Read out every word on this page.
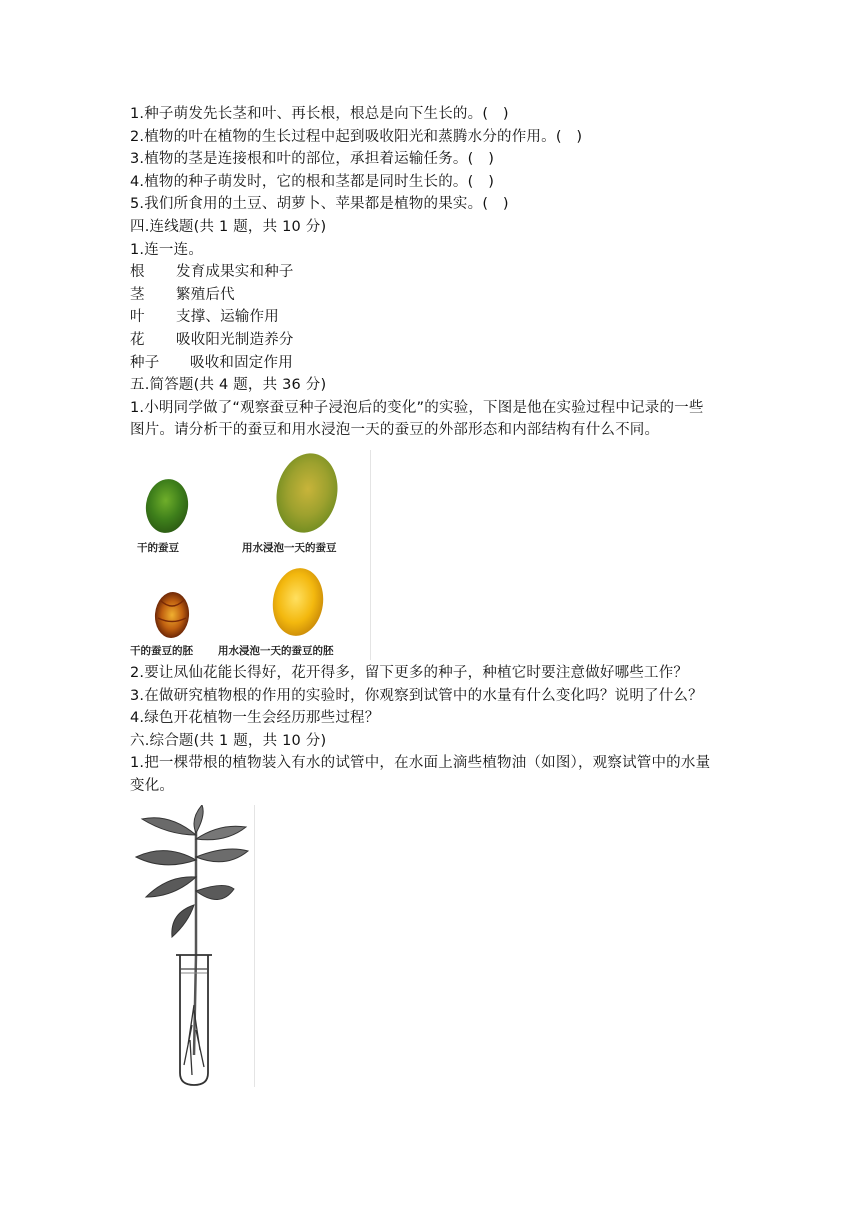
1.种子萌发先长茎和叶、再长根，根总是向下生长的。(　)
2.植物的叶在植物的生长过程中起到吸收阳光和蒸腾水分的作用。(　)
3.植物的茎是连接根和叶的部位，承担着运输任务。(　)
4.植物的种子萌发时，它的根和茎都是同时生长的。(　)
5.我们所食用的土豆、胡萝卜、苹果都是植物的果实。(　)
四.连线题(共 1 题，共 10 分)
1.连一连。
根	发育成果实和种子
茎	繁殖后代
叶	支撑、运输作用
花	吸收阳光制造养分
种子	吸收和固定作用
五.简答题(共 4 题，共 36 分)
1.小明同学做了“观察蚕豆种子浸泡后的变化”的实验，下图是他在实验过程中记录的一些
图片。请分析干的蚕豆和用水浸泡一天的蚕豆的外部形态和内部结构有什么不同。
干的蚕豆	用水浸泡一天的蚕豆
干的蚕豆的胚 用水浸泡一天的蚕豆的胚
2.要让凤仙花能长得好，花开得多，留下更多的种子，种植它时要注意做好哪些工作？
3.在做研究植物根的作用的实验时，你观察到试管中的水量有什么变化吗？说明了什么？
4.绿色开花植物一生会经历那些过程？
六.综合题(共 1 题，共 10 分)
1.把一棵带根的植物装入有水的试管中，在水面上滴些植物油（如图），观察试管中的水量
变化。
